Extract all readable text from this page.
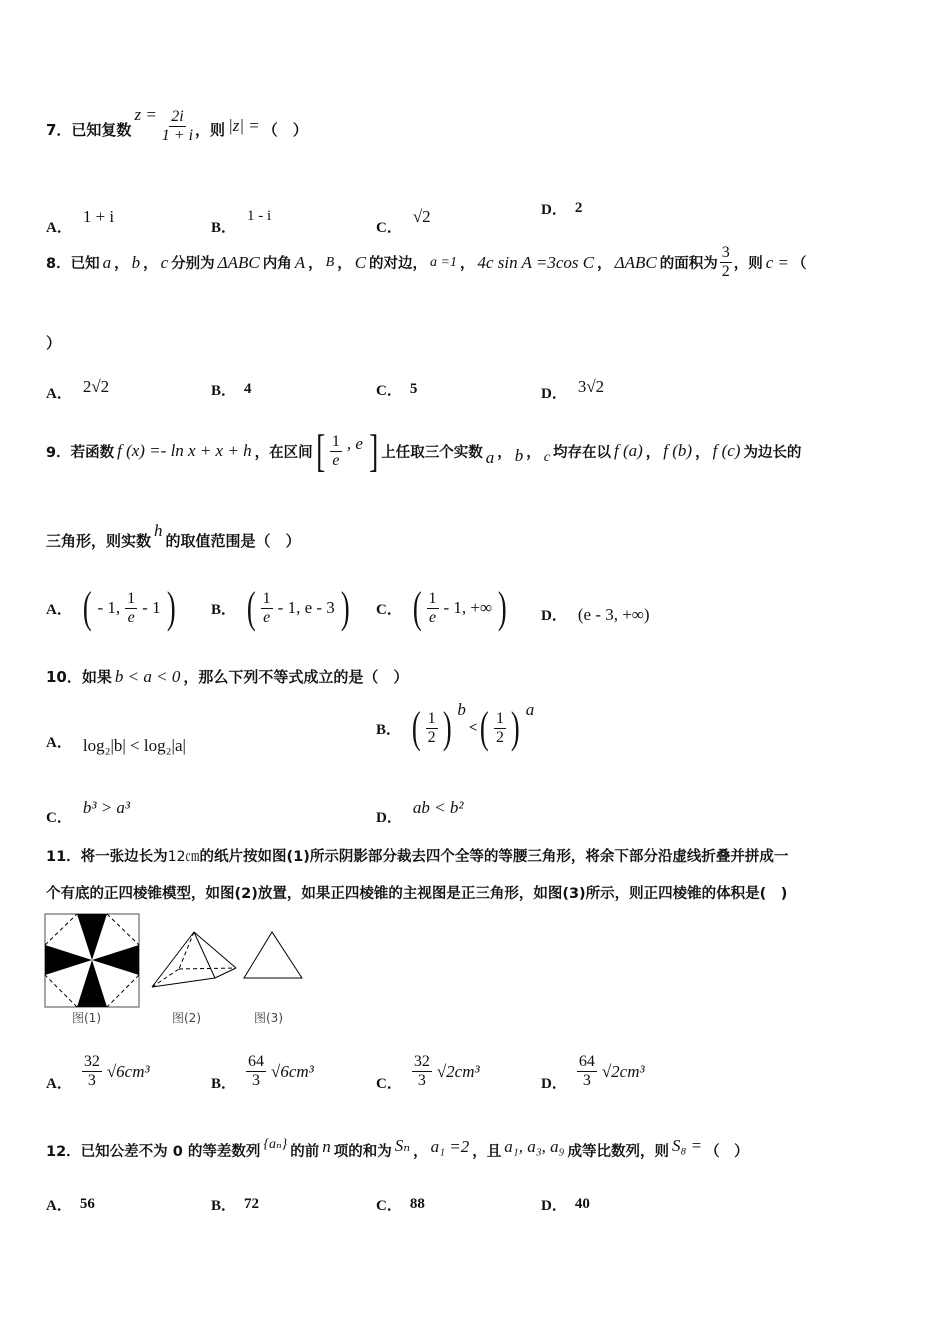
7．已知复数
$z = \frac{2i}{1 + i}$ ，则 |z| = （　）
A．
1 + i
B．
1 - i
C．
√2	D． 2
8．已知 a ， b ， c 分别为 ΔABC 内角 A ， B ， C 的对边， a =1 ， 4c sin A =3cos C ， ΔABC 的面积为 $\frac{3}{2}$ ，则 c = （
）
A． 2√2	B． 4	C． 5	D． 3√2
9．若函数 f (x) =- ln x + x + h ，在区间 [ $\frac{1}{e}$ , e ] 上任取三个实数 a ， b ， c 均存在以 f (a) ， f (b) ， f (c) 为边长的
三角形，则实数
h
的取值范围是（　）
A． ( - 1, $\frac{1}{e} - 1$ ) B． ( $\frac{1}{e} - 1$, e - 3 ) C． ( $\frac{1}{e} - 1$, +∞ ) D． (e - 3, +∞)
10．如果 b < a < 0 ，那么下列不等式成立的是（　）
A． log₂|b| < log₂|a|
B． ( $\frac{1}{2}$ ) b
< ( $\frac{1}{2}$ ) a
C．
b³ > a³
D．
ab < b²
11．将一张边长为 12㎝ 的纸片按如图(1)所示阴影部分裁去四个全等的等腰三角形，将余下部分沿虚线折叠并拼成一
个有底的正四棱锥模型，如图(2)放置，如果正四棱锥的主视图是正三角形，如图(3)所示，则正四棱锥的体积是(　)
图(1)	图(2)	图(3)
A． $\frac{32}{3} √6cm^3$
B． $\frac{64}{3} √6cm^3$
C． $\frac{32}{3} √2cm^3$
D． $\frac{64}{3} √2cm^3$
12．已知公差不为 0 的等差数列 {aₙ} 的前 n 项的和为 Sₙ ， a₁ =2 ，且 a₁, a₃, a₉ 成等比数列，则 S₈ = （　）
A． 56	B． 72	C． 88	D． 40
